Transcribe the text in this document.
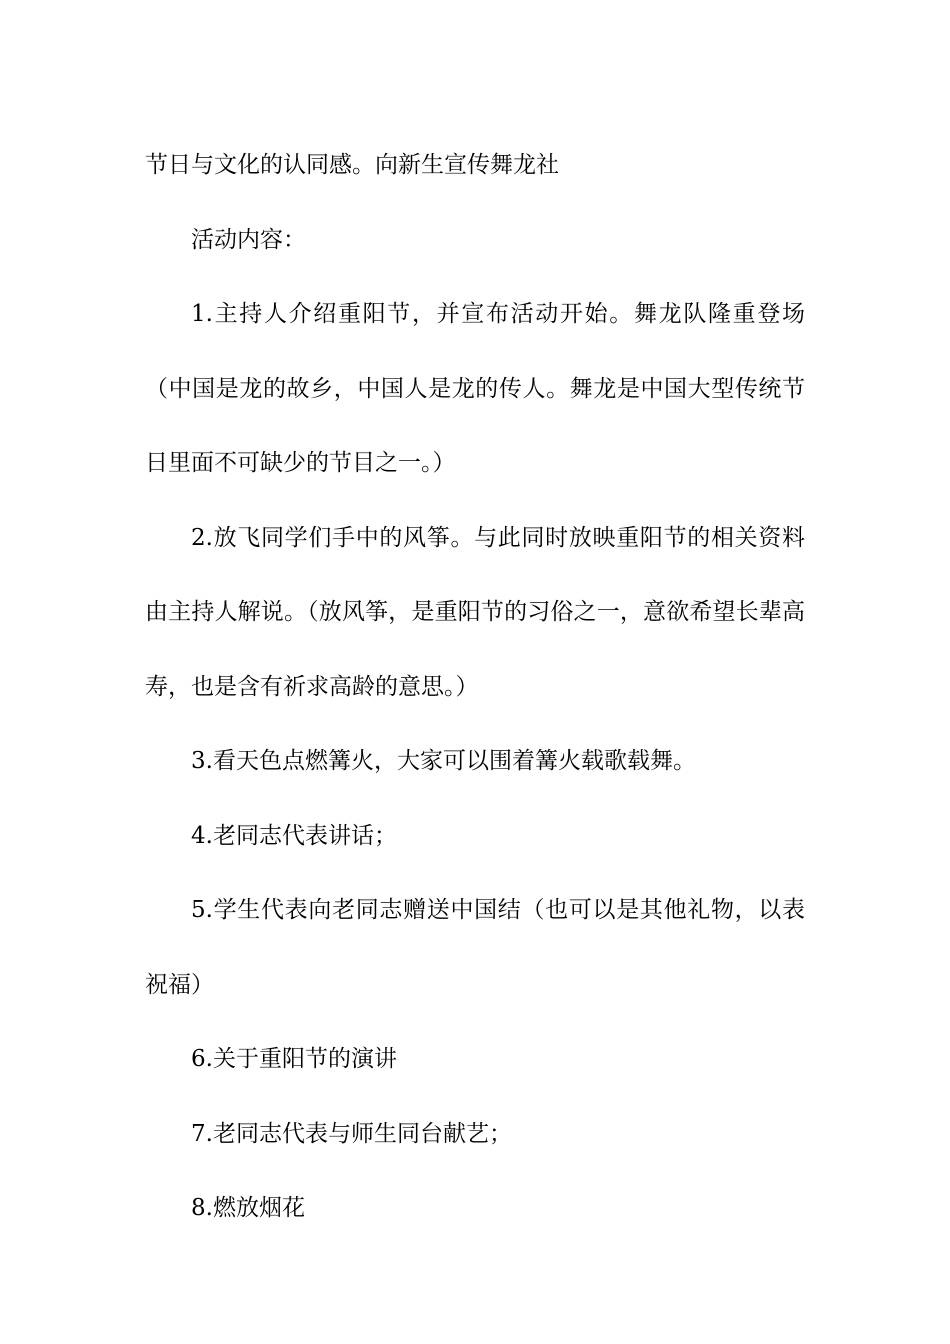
节日与文化的认同感。向新生宣传舞龙社

活动内容：

1.主持人介绍重阳节，并宣布活动开始。舞龙队隆重登场（中国是龙的故乡，中国人是龙的传人。舞龙是中国大型传统节日里面不可缺少的节目之一。）

2.放飞同学们手中的风筝。与此同时放映重阳节的相关资料由主持人解说。（放风筝，是重阳节的习俗之一，意欲希望长辈高寿，也是含有祈求高龄的意思。）

3.看天色点燃篝火，大家可以围着篝火载歌载舞。

4.老同志代表讲话；

5.学生代表向老同志赠送中国结（也可以是其他礼物，以表祝福）

6.关于重阳节的演讲

7.老同志代表与师生同台献艺；

8.燃放烟花
